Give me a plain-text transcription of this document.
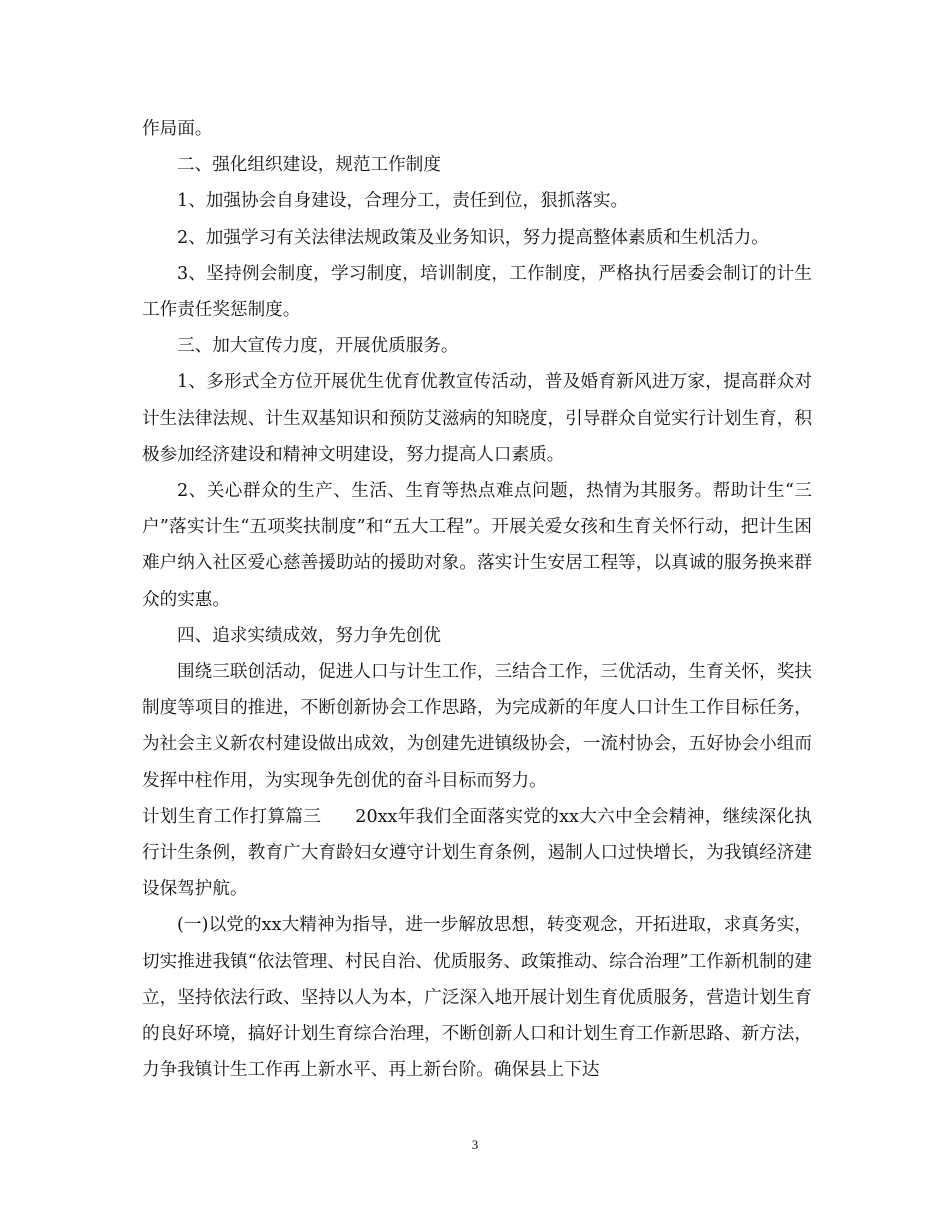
作局面。

二、强化组织建设，规范工作制度

1、加强协会自身建设，合理分工，责任到位，狠抓落实。

2、加强学习有关法律法规政策及业务知识，努力提高整体素质和生机活力。

3、坚持例会制度，学习制度，培训制度，工作制度，严格执行居委会制订的计生工作责任奖惩制度。

三、加大宣传力度，开展优质服务。

1、多形式全方位开展优生优育优教宣传活动，普及婚育新风进万家，提高群众对计生法律法规、计生双基知识和预防艾滋病的知晓度，引导群众自觉实行计划生育，积极参加经济建设和精神文明建设，努力提高人口素质。

2、关心群众的生产、生活、生育等热点难点问题，热情为其服务。帮助计生“三户”落实计生“五项奖扶制度”和“五大工程”。开展关爱女孩和生育关怀行动，把计生困难户纳入社区爱心慈善援助站的援助对象。落实计生安居工程等，以真诚的服务换来群众的实惠。

四、追求实绩成效，努力争先创优

围绕三联创活动，促进人口与计生工作，三结合工作，三优活动，生育关怀，奖扶制度等项目的推进，不断创新协会工作思路，为完成新的年度人口计生工作目标任务，为社会主义新农村建设做出成效，为创建先进镇级协会，一流村协会，五好协会小组而发挥中柱作用，为实现争先创优的奋斗目标而努力。

计划生育工作打算篇三 20xx年我们全面落实党的xx大六中全会精神，继续深化执行计生条例，教育广大育龄妇女遵守计划生育条例，遏制人口过快增长，为我镇经济建设保驾护航。

(一)以党的xx大精神为指导，进一步解放思想，转变观念，开拓进取，求真务实，切实推进我镇“依法管理、村民自治、优质服务、政策推动、综合治理”工作新机制的建立，坚持依法行政、坚持以人为本，广泛深入地开展计划生育优质服务，营造计划生育的良好环境，搞好计划生育综合治理，不断创新人口和计划生育工作新思路、新方法，力争我镇计生工作再上新水平、再上新台阶。确保县上下达

3
